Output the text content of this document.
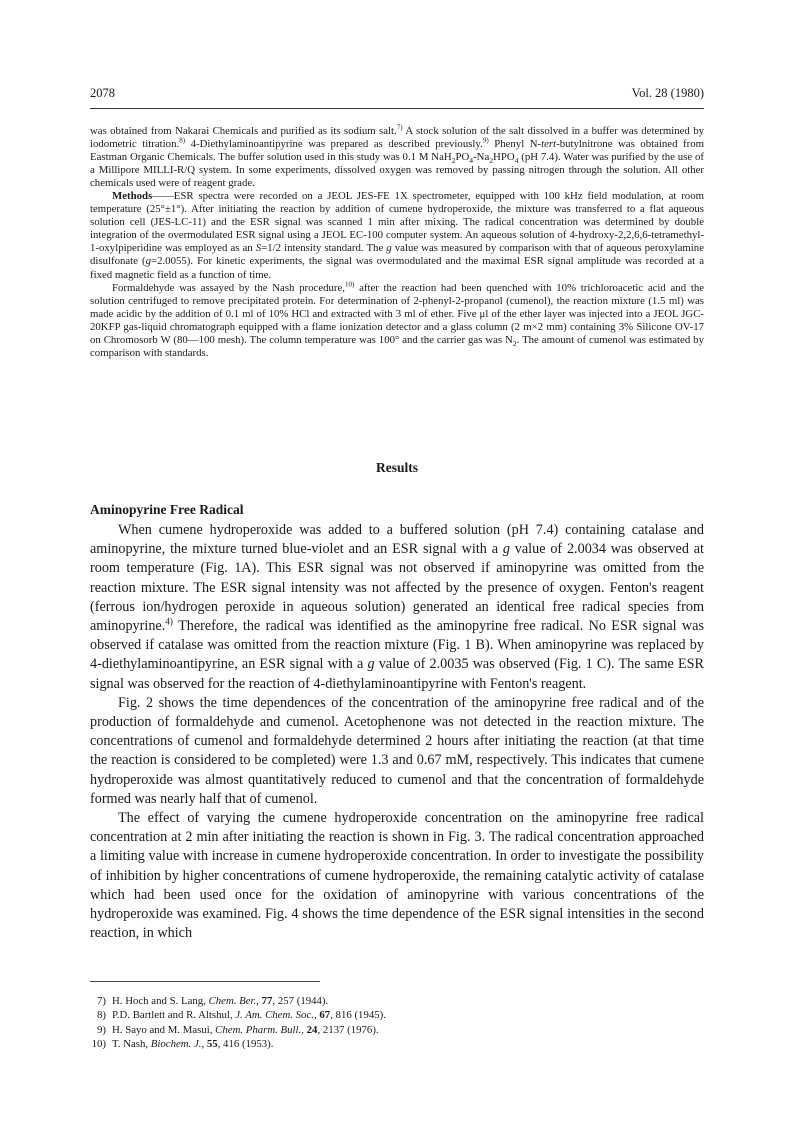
2078	Vol. 28 (1980)

was obtained from Nakarai Chemicals and purified as its sodium salt.$^{7)}$ A stock solution of the salt dissolved in a buffer was determined by iodometric titration.$^{8)}$ 4-Diethylaminoantipyrine was prepared as described previously.$^{9)}$ Phenyl N-tert-butylnitrone was obtained from Eastman Organic Chemicals. The buffer solution used in this study was 0.1 M $NaH_2PO_4-Na_2HPO_4$ (pH 7.4). Water was purified by the use of a Millipore MILLI-R/Q system. In some experiments, dissolved oxygen was removed by passing nitrogen through the solution. All other chemicals used were of reagent grade.

Methods——ESR spectra were recorded on a JEOL JES-FE 1X spectrometer, equipped with 100 kHz field modulation, at room temperature (25°±1°). After initiating the reaction by addition of cumene hydroperoxide, the mixture was transferred to a flat aqueous solution cell (JES-LC-11) and the ESR signal was scanned 1 min after mixing. The radical concentration was determined by double integration of the overmodulated ESR signal using a JEOL EC-100 computer system. An aqueous solution of 4-hydroxy-2,2,6,6-tetramethyl-1-oxylpiperidine was employed as an S=1/2 intensity standard. The g value was measured by comparison with that of aqueous peroxylamine disulfonate (g=2.0055). For kinetic experiments, the signal was overmodulated and the maximal ESR signal amplitude was recorded at a fixed magnetic field as a function of time.

Formaldehyde was assayed by the Nash procedure,$^{10)}$ after the reaction had been quenched with 10% trichloroacetic acid and the solution centrifuged to remove precipitated protein. For determination of 2-phenyl-2-propanol (cumenol), the reaction mixture (1.5 ml) was made acidic by the addition of 0.1 ml of 10% HCl and extracted with 3 ml of ether. Five μl of the ether layer was injected into a JEOL JGC-20KFP gas-liquid chromatograph equipped with a flame ionization detector and a glass column (2 m×2 mm) containing 3% Silicone OV-17 on Chromosorb W (80—100 mesh). The column temperature was 100° and the carrier gas was $N_2$. The amount of cumenol was estimated by comparison with standards.

Results
Aminopyrine Free Radical

When cumene hydroperoxide was added to a buffered solution (pH 7.4) containing catalase and aminopyrine, the mixture turned blue-violet and an ESR signal with a g value of 2.0034 was observed at room temperature (Fig. 1A). This ESR signal was not observed if aminopyrine was omitted from the reaction mixture. The ESR signal intensity was not affected by the presence of oxygen. Fenton's reagent (ferrous ion/hydrogen peroxide in aqueous solution) generated an identical free radical species from aminopyrine.$^{4)}$ Therefore, the radical was identified as the aminopyrine free radical. No ESR signal was observed if catalase was omitted from the reaction mixture (Fig. 1 B). When aminopyrine was replaced by 4-diethylaminoantipyrine, an ESR signal with a g value of 2.0035 was observed (Fig. 1 C). The same ESR signal was observed for the reaction of 4-diethylaminoantipyrine with Fenton's reagent.

Fig. 2 shows the time dependences of the concentration of the aminopyrine free radical and of the production of formaldehyde and cumenol. Acetophenone was not detected in the reaction mixture. The concentrations of cumenol and formaldehyde determined 2 hours after initiating the reaction (at that time the reaction is considered to be completed) were 1.3 and 0.67 mM, respectively. This indicates that cumene hydroperoxide was almost quantitatively reduced to cumenol and that the concentration of formaldehyde formed was nearly half that of cumenol.

The effect of varying the cumene hydroperoxide concentration on the aminopyrine free radical concentration at 2 min after initiating the reaction is shown in Fig. 3. The radical concentration approached a limiting value with increase in cumene hydroperoxide concentration. In order to investigate the possibility of inhibition by higher concentrations of cumene hydroperoxide, the remaining catalytic activity of catalase which had been used once for the oxidation of aminopyrine with various concentrations of the hydroperoxide was examined. Fig. 4 shows the time dependence of the ESR signal intensities in the second reaction, in which

7) H. Hoch and S. Lang, Chem. Ber., 77, 257 (1944).
8) P.D. Bartlett and R. Altshul, J. Am. Chem. Soc., 67, 816 (1945).
9) H. Sayo and M. Masui, Chem. Pharm. Bull., 24, 2137 (1976).
10) T. Nash, Biochem. J., 55, 416 (1953).
